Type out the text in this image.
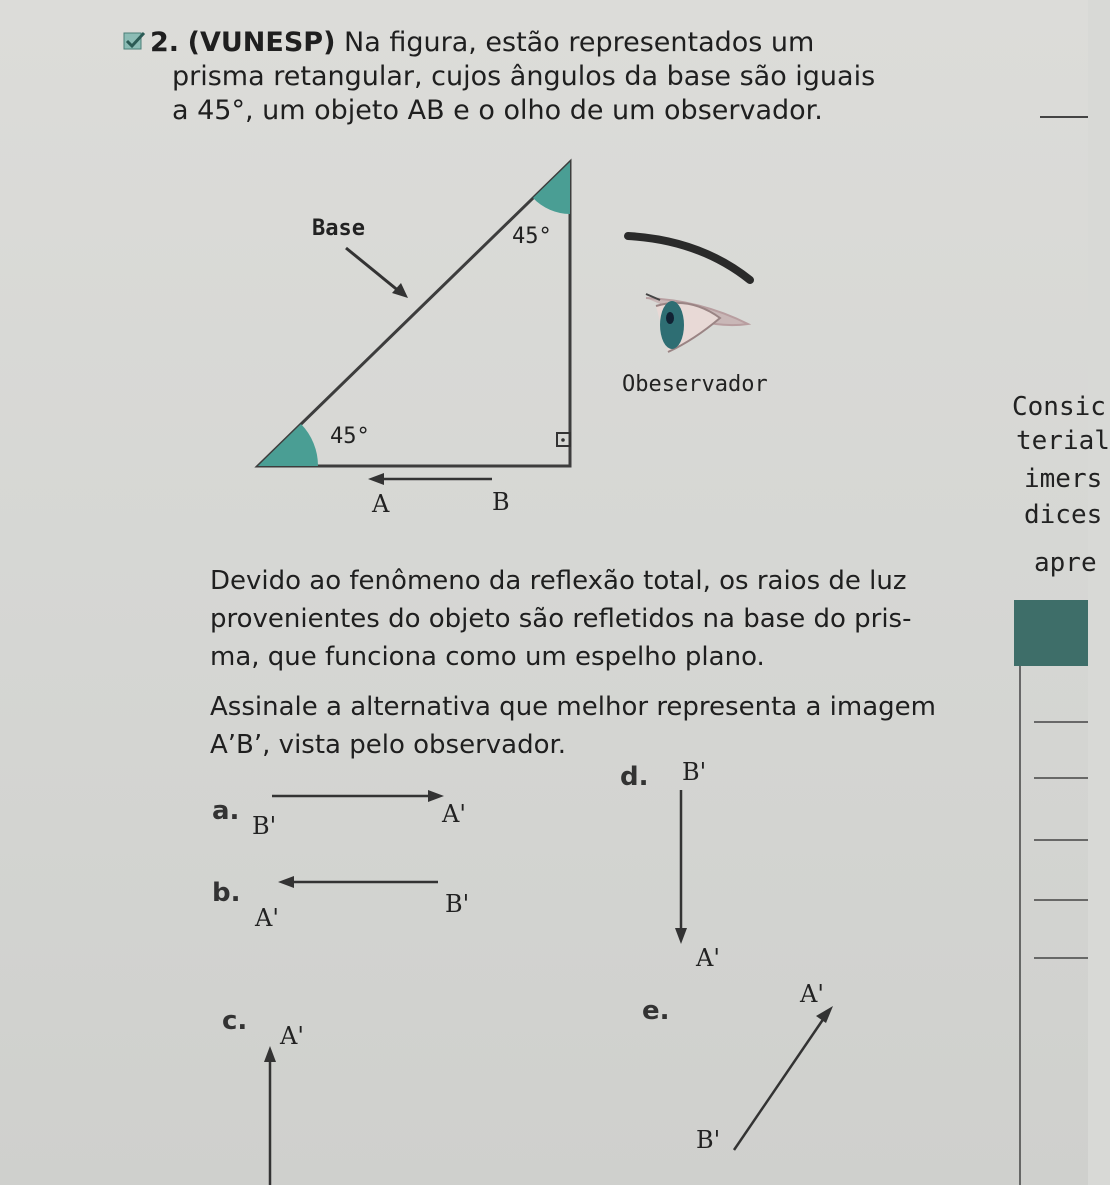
2. (VUNESP) Na figura, estão representados um
prisma retangular, cujos ângulos da base são iguais
a 45°, um objeto AB e o olho de um observador.
Base	45°
45°
A	B
Obeservador
Devido ao fenômeno da reflexão total, os raios de luz
provenientes do objeto são refletidos na base do pris-
ma, que funciona como um espelho plano.
Assinale a alternativa que melhor representa a imagem
A’B’, vista pelo observador.
a. B'	A'
b.
A'	B'
c. A'
d. B'
A'
e.
A'
B'
Consic
terial
imers
dices
apre
